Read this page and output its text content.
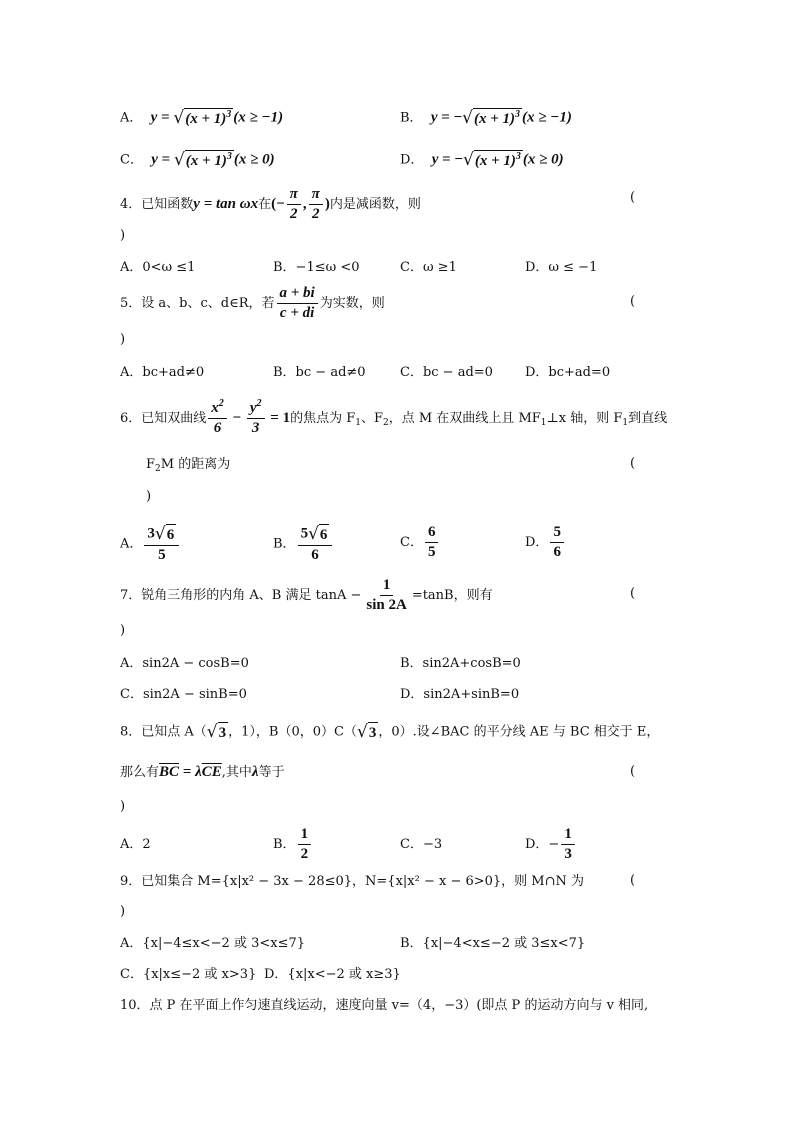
A． y = √ $(x + 1)^3$ (x ≥ −1)	B． y = − √ $(x + 1)^3$ (x ≥ −1)
C． y = √ $(x + 1)^3$ (x ≥ 0)	D． y = − √ $(x + 1)^3$ (x ≥ 0)
4．已知函数y = tan ωx在(− $\frac{\pi}{2}$ , $\frac{\pi}{2}$ )内是减函数，则	(
)
A．0<ω ≤1	B．−1≤ω <0	C．ω ≥1	D．ω ≤ −1
5．设 a、b、c、d∈R，若 $\frac{a + bi}{c + di}$ 为实数，则	(
)
A．bc+ad≠0	B．bc − ad≠0	C．bc − ad=0 D．bc+ad=0
6．已知双曲线 $\frac{x^2}{6} - \frac{y^2}{3} = 1$的焦点为 $F_1$、$F_2$，点 M 在双曲线上且 $MF_1\perp x$ 轴，则 $F_1$到直线
$F_2M$ 的距离为	(
)
A． $\frac{3 √ 6}{5}$	B． $\frac{5 √ 6}{6}$	C． $\frac{6}{5}$	D． $\frac{5}{6}$
7．锐角三角形的内角 A、B 满足 $\tan A - \frac{1}{\sin 2A} =\tan B$，则有	(
)
A．sin2A − cosB=0	B．sin2A+cosB=0
C．sin2A − sinB=0	D．sin2A+sinB=0
8．已知点 A（ √ 3 ，1），B（0，0）C（ √ 3 ，0）.设∠BAC 的平分线 AE 与 BC 相交于 E，
那么有$\overline{BC} = \lambda\overline{CE}$,其中λ等于	(
)
A．2	B． $\frac{1}{2}$	C．−3	D．− $\frac{1}{3}$
9．已知集合 M={x|x² − 3x − 28≤0}，N={x|x² − x − 6>0}，则 M∩N 为	(
)
A．{x|−4≤x<−2 或 3<x≤7}	B．{x|−4<x≤−2 或 3≤x<7}
C．{x|x≤−2 或 x>3} D．{x|x<−2 或 x≥3}
10．点 P 在平面上作匀速直线运动，速度向量 v=（4，−3）(即点 P 的运动方向与 v 相同,
